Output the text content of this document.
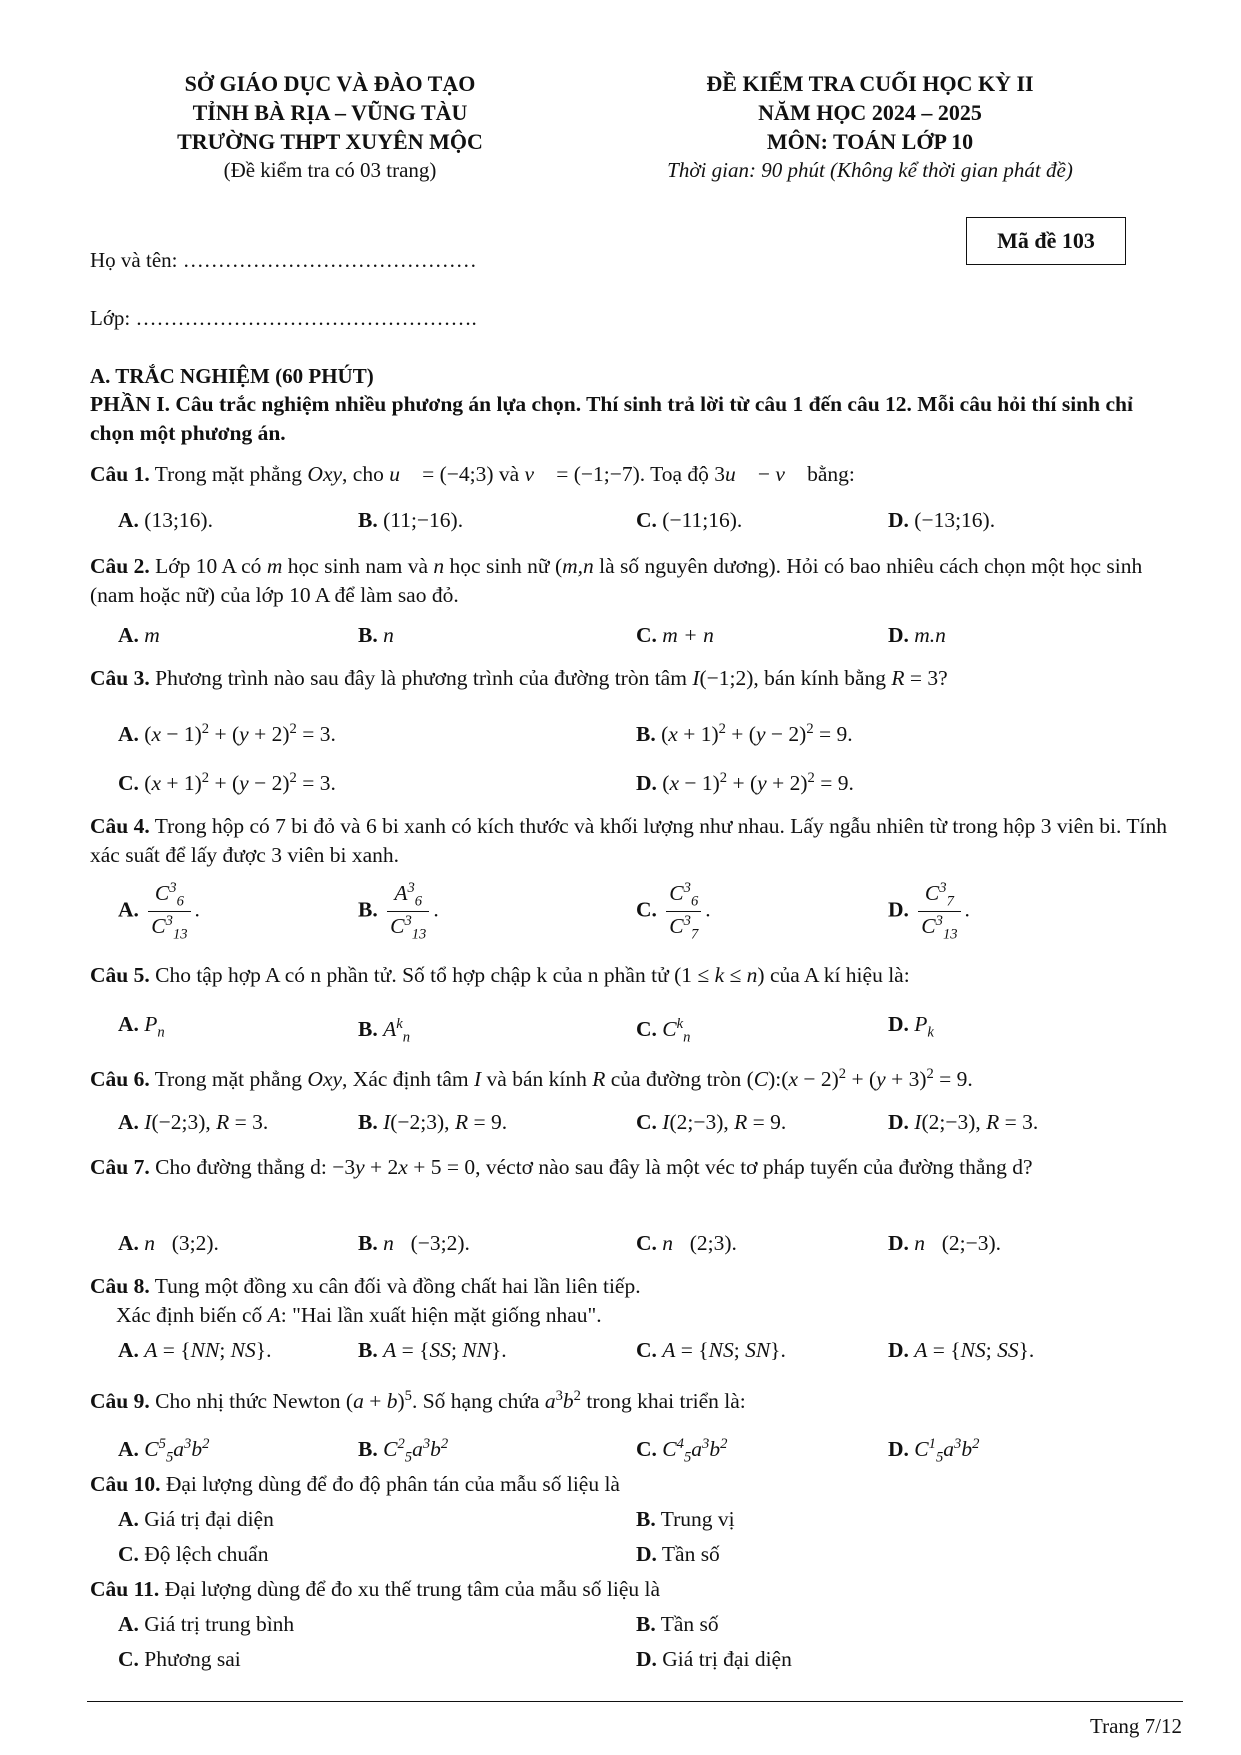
SỞ GIÁO DỤC VÀ ĐÀO TẠO
TỈNH BÀ RỊA – VŨNG TÀU
TRƯỜNG THPT XUYÊN MỘC
(Đề kiểm tra có 03 trang)
ĐỀ KIỂM TRA CUỐI HỌC KỲ II
NĂM HỌC 2024 – 2025
MÔN: TOÁN LỚP 10
Thời gian: 90 phút (Không kể thời gian phát đề)
Mã đề 103
Họ và tên: ……………………………………
Lớp: ………………………………………….
A. TRẮC NGHIỆM (60 PHÚT)
PHẦN I. Câu trắc nghiệm nhiều phương án lựa chọn. Thí sinh trả lời từ câu 1 đến câu 12. Mỗi câu hỏi thí sinh chỉ chọn một phương án.
Câu 1. Trong mặt phẳng Oxy, cho u⃗ = (−4;3) và v⃗ = (−1;−7). Toạ độ 3u⃗ − v⃗ bằng:
A. (13;16).	B. (11;−16).	C. (−11;16).	D. (−13;16).
Câu 2. Lớp 10 A có m học sinh nam và n học sinh nữ (m,n là số nguyên dương). Hỏi có bao nhiêu cách chọn một học sinh (nam hoặc nữ) của lớp 10 A để làm sao đỏ.
A. m	B. n	C. m + n	D. m.n
Câu 3. Phương trình nào sau đây là phương trình của đường tròn tâm I(−1;2), bán kính bằng R = 3?
A. $(x - 1)^2 + (y + 2)^2 = 3$.	B. $(x + 1)^2 + (y - 2)^2 = 9$.
C. $(x + 1)^2 + (y - 2)^2 = 3$.	D. $(x - 1)^2 + (y + 2)^2 = 9$.
Câu 4. Trong hộp có 7 bi đỏ và 6 bi xanh có kích thước và khối lượng như nhau. Lấy ngẫu nhiên từ trong hộp 3 viên bi. Tính xác suất để lấy được 3 viên bi xanh.
A. $\frac{C^3_6}{C^3_{13}}$ .	B. $\frac{A^3_6}{C^3_{13}}$ .	C. $\frac{C^3_6}{C^3_7}$ .	D. $\frac{C^3_7}{C^3_{13}}$ .
Câu 5. Cho tập hợp A có n phần tử. Số tổ hợp chập k của n phần tử (1 ≤ k ≤ n) của A kí hiệu là:
A. $P_n$	B. $A^k_n$	C. $C^k_n$
D. $P_k$
Câu 6. Trong mặt phẳng Oxy, Xác định tâm I và bán kính R của đường tròn (C):(x − $2)^2 + (y + 3)^2 = 9$.
A. I(−2;3), R = 3.	B. I(−2;3), R = 9.	C. I(2;−3), R = 9.	D. I(2;−3), R = 3.
Câu 7. Cho đường thẳng d: −3y + 2x + 5 = 0, véctơ nào sau đây là một véc tơ pháp tuyến của đường thẳng d?
A. n⃗(3;2).	B. n⃗(−3;2).	C. n⃗(2;3).	D. n⃗(2;−3).
Câu 8. Tung một đồng xu cân đối và đồng chất hai lần liên tiếp.
Xác định biến cố A: "Hai lần xuất hiện mặt giống nhau".
A. A = {NN; NS}.	B. A = {SS; NN}.	C. A = {NS; SN}.	D. A = {NS; SS}.
Câu 9. Cho nhị thức Newton $(a + b)^5$. Số hạng chứa $a^3b^2$ trong khai triển là:
A. $C^5_5a^3b^2$	B. $C^2_5a^3b^2$	C. $C^4_5a^3b^2$	D. $C^1_5a^3b^2$
Câu 10. Đại lượng dùng để đo độ phân tán của mẫu số liệu là
A. Giá trị đại diện	B. Trung vị
C. Độ lệch chuẩn	D. Tần số
Câu 11. Đại lượng dùng để đo xu thế trung tâm của mẫu số liệu là
A. Giá trị trung bình	B. Tần số
C. Phương sai	D. Giá trị đại diện
Trang 7/12
